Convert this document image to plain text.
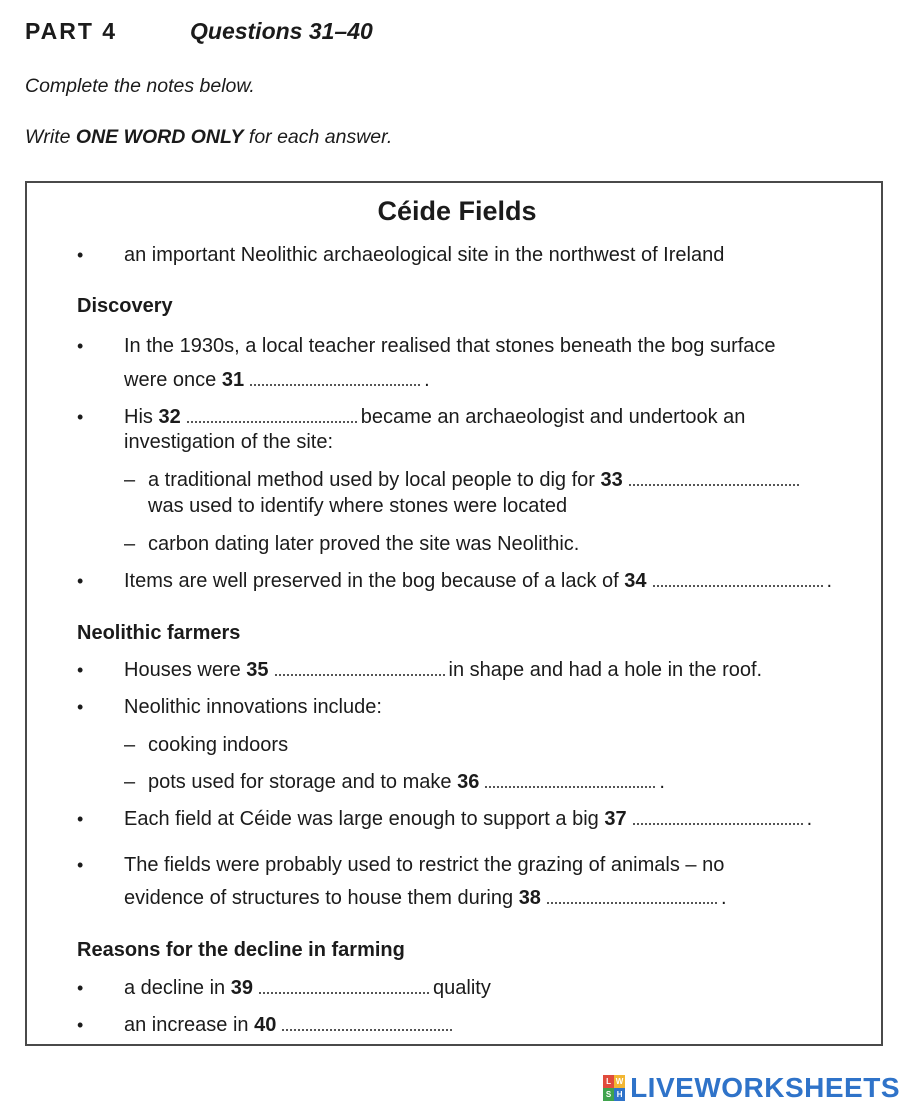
PART 4	Questions 31–40
Complete the notes below.
Write ONE WORD ONLY for each answer.
Céide Fields
• an important Neolithic archaeological site in the northwest of Ireland
Discovery
• In the 1930s, a local teacher realised that stones beneath the bog surface
were once 31	.
• His 32	became an archaeologist and undertook an
investigation of the site:
– a traditional method used by local people to dig for 33
was used to identify where stones were located
– carbon dating later proved the site was Neolithic.
• Items are well preserved in the bog because of a lack of 34	.
Neolithic farmers
• Houses were 35	in shape and had a hole in the roof.
• Neolithic innovations include:
– cooking indoors
– pots used for storage and to make 36	.
• Each field at Céide was large enough to support a big 37	.
• The fields were probably used to restrict the grazing of animals – no
evidence of structures to house them during 38	.
Reasons for the decline in farming
• a decline in 39	quality
• an increase in 40
L W
S H LIVEWORKSHEETS
